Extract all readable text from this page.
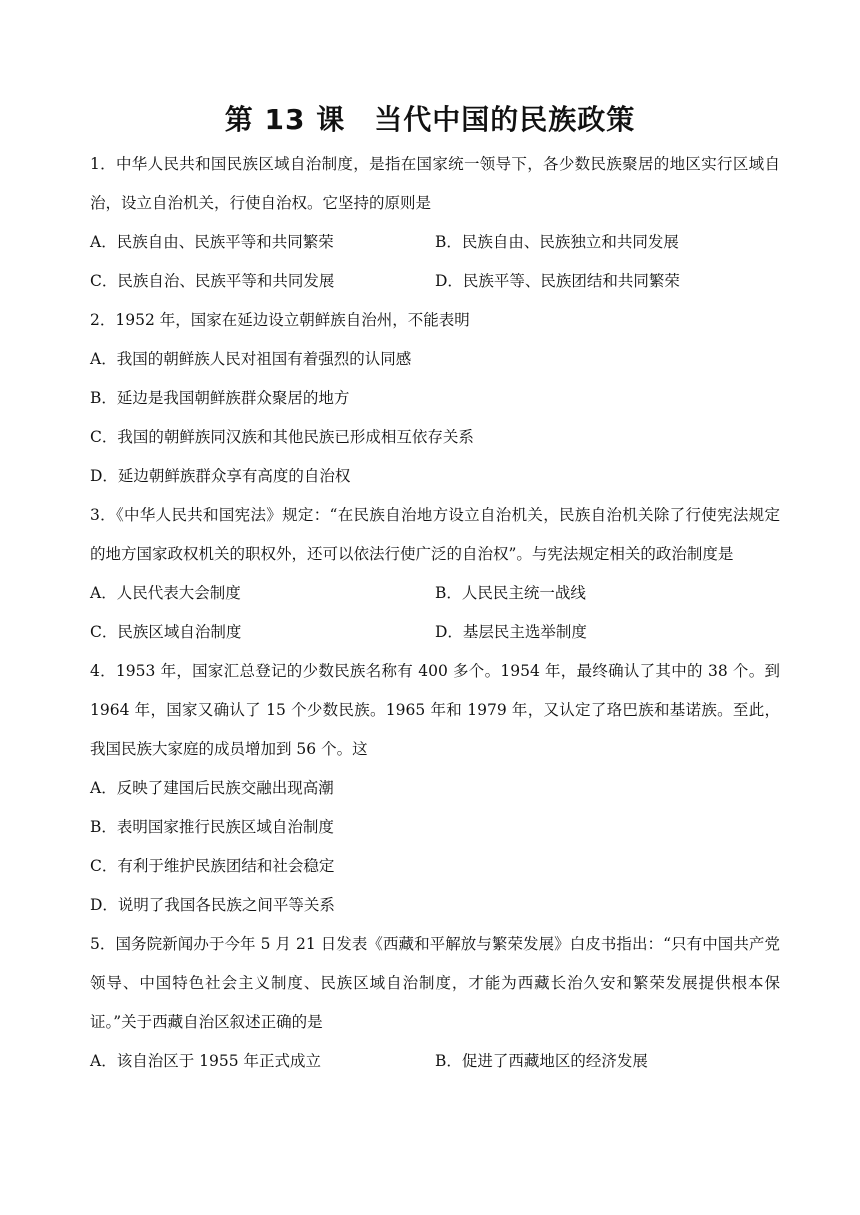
第 13 课　当代中国的民族政策

1．中华人民共和国民族区域自治制度，是指在国家统一领导下，各少数民族聚居的地区实行区域自治，设立自治机关，行使自治权。它坚持的原则是

A．民族自由、民族平等和共同繁荣	B．民族自由、民族独立和共同发展
C．民族自治、民族平等和共同发展	D．民族平等、民族团结和共同繁荣

2．1952 年，国家在延边设立朝鲜族自治州，不能表明

A．我国的朝鲜族人民对祖国有着强烈的认同感
B．延边是我国朝鲜族群众聚居的地方
C．我国的朝鲜族同汉族和其他民族已形成相互依存关系
D．延边朝鲜族群众享有高度的自治权

3．《中华人民共和国宪法》规定：“在民族自治地方设立自治机关，民族自治机关除了行使宪法规定的地方国家政权机关的职权外，还可以依法行使广泛的自治权”。与宪法规定相关的政治制度是

A．人民代表大会制度	B．人民民主统一战线
C．民族区域自治制度	D．基层民主选举制度

4．1953 年，国家汇总登记的少数民族名称有 400 多个。1954 年，最终确认了其中的 38 个。到 1964 年，国家又确认了 15 个少数民族。1965 年和 1979 年，又认定了珞巴族和基诺族。至此，我国民族大家庭的成员增加到 56 个。这

A．反映了建国后民族交融出现高潮
B．表明国家推行民族区域自治制度
C．有利于维护民族团结和社会稳定
D．说明了我国各民族之间平等关系

5．国务院新闻办于今年 5 月 21 日发表《西藏和平解放与繁荣发展》白皮书指出：“只有中国共产党领导、中国特色社会主义制度、民族区域自治制度，才能为西藏长治久安和繁荣发展提供根本保证。”关于西藏自治区叙述正确的是

A．该自治区于 1955 年正式成立	B．促进了西藏地区的经济发展
